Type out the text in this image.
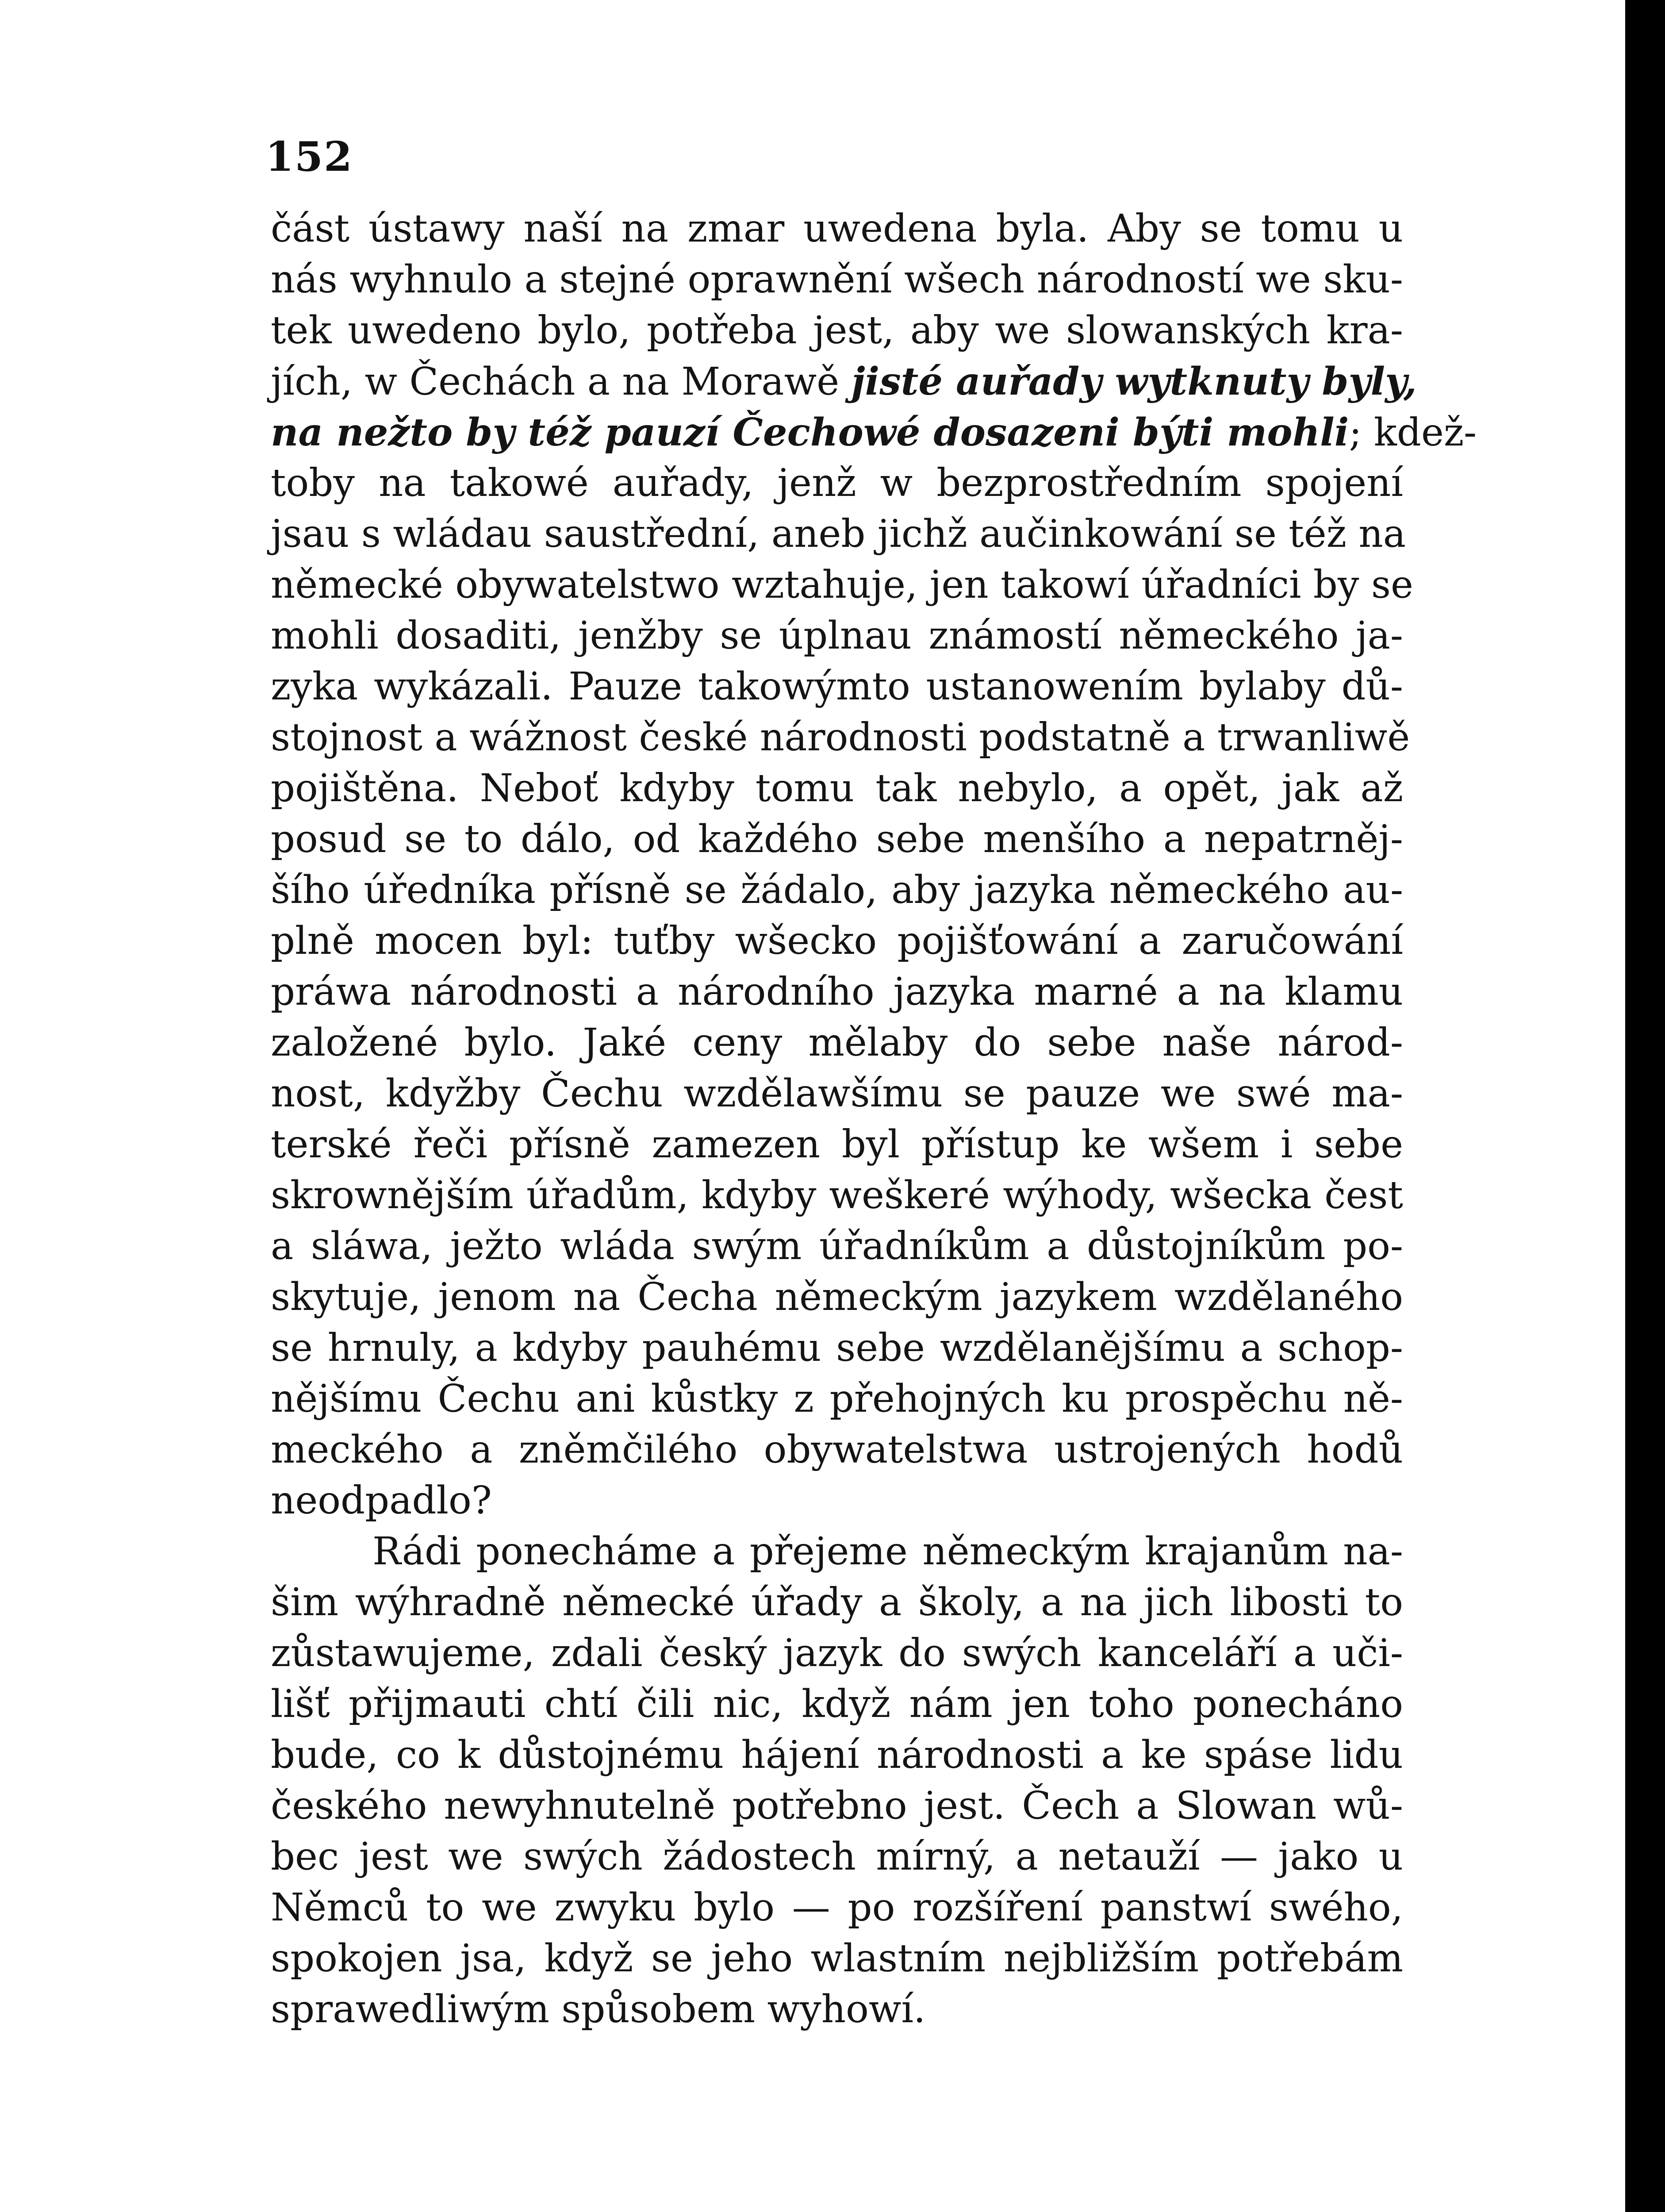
152
část ústawy naší na zmar uwedena byla. Aby se tomu u
nás wyhnulo a stejné oprawnění wšech národností we sku-
tek uwedeno bylo, potřeba jest, aby we slowanských kra-
jích, w Čechách a na Morawě jisté auřady wytknuty byly,
na nežto by též pauzí Čechowé dosazeni býti mohli; kdež-
toby na takowé auřady, jenž w bezprostředním spojení
jsau s wládau saustřední, aneb jichž aučinkowání se též na
německé obywatelstwo wztahuje, jen takowí úřadníci by se
mohli dosaditi, jenžby se úplnau známostí německého ja-
zyka wykázali. Pauze takowýmto ustanowením bylaby dů-
stojnost a wážnost české národnosti podstatně a trwanliwě
pojištěna. Neboť kdyby tomu tak nebylo, a opět, jak až
posud se to dálo, od každého sebe menšího a nepatrněj-
šího úředníka přísně se žádalo, aby jazyka německého au-
plně mocen byl: tuťby wšecko pojišťowání a zaručowání
práwa národnosti a národního jazyka marné a na klamu
založené bylo. Jaké ceny mělaby do sebe naše národ-
nost, kdyžby Čechu wzdělawšímu se pauze we swé ma-
terské řeči přísně zamezen byl přístup ke wšem i sebe
skrownějším úřadům, kdyby weškeré wýhody, wšecka čest
a sláwa, ježto wláda swým úřadníkům a důstojníkům po-
skytuje, jenom na Čecha německým jazykem wzdělaného
se hrnuly, a kdyby pauhému sebe wzdělanějšímu a schop-
nějšímu Čechu ani kůstky z přehojných ku prospěchu ně-
meckého a zněmčilého obywatelstwa ustrojených hodů
neodpadlo?
Rádi ponecháme a přejeme německým krajanům na-
šim wýhradně německé úřady a školy, a na jich libosti to
zůstawujeme, zdali český jazyk do swých kanceláří a uči-
lišť přijmauti chtí čili nic, když nám jen toho ponecháno
bude, co k důstojnému hájení národnosti a ke spáse lidu
českého newyhnutelně potřebno jest. Čech a Slowan wů-
bec jest we swých žádostech mírný, a netauží — jako u
Němců to we zwyku bylo — po rozšíření panstwí swého,
spokojen jsa, když se jeho wlastním nejbližším potřebám
sprawedliwým spůsobem wyhowí.
